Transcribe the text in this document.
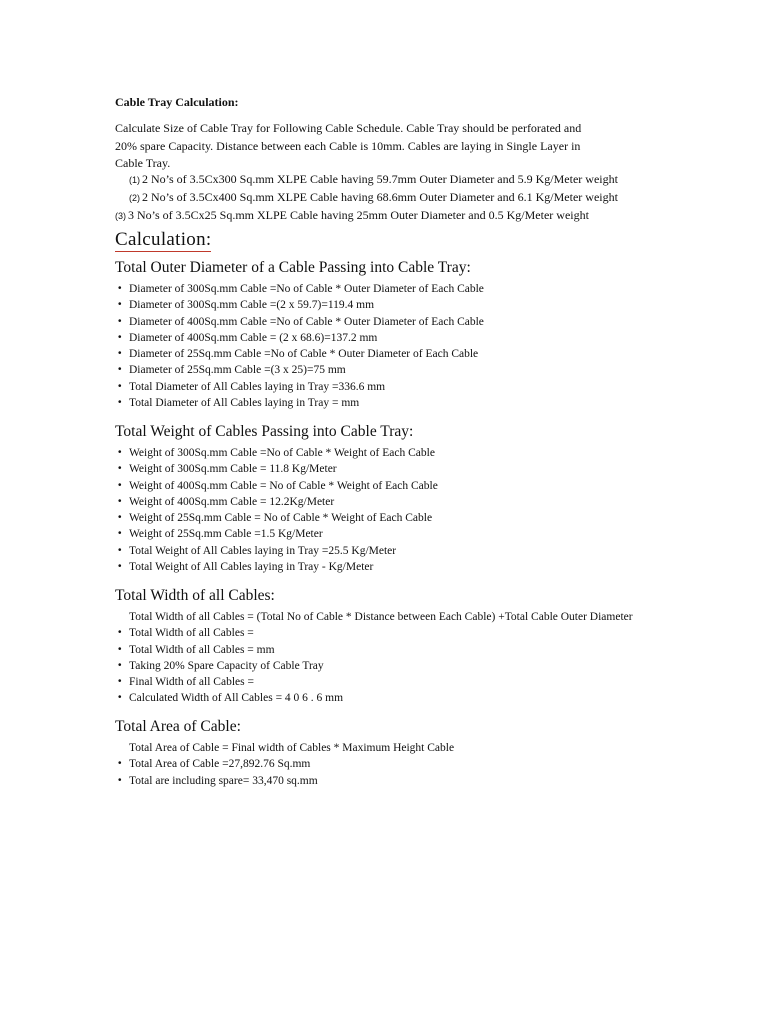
Cable Tray Calculation:
Calculate Size of Cable Tray for Following Cable Schedule. Cable Tray should be perforated and
20% spare Capacity. Distance between each Cable is 10mm. Cables are laying in Single Layer in
Cable Tray.
(1) 2 No’s of 3.5Cx300 Sq.mm XLPE Cable having 59.7mm Outer Diameter and 5.9 Kg/Meter weight
(2) 2 No’s of 3.5Cx400 Sq.mm XLPE Cable having 68.6mm Outer Diameter and 6.1 Kg/Meter weight
(3) 3 No’s of 3.5Cx25 Sq.mm XLPE Cable having 25mm Outer Diameter and 0.5 Kg/Meter weight
Calculation:
Total Outer Diameter of a Cable Passing into Cable Tray:
• Diameter of 300Sq.mm Cable =No of Cable * Outer Diameter of Each Cable
• Diameter of 300Sq.mm Cable =(2 x 59.7)=119.4 mm
• Diameter of 400Sq.mm Cable =No of Cable * Outer Diameter of Each Cable
• Diameter of 400Sq.mm Cable = (2 x 68.6)=137.2 mm
• Diameter of 25Sq.mm Cable =No of Cable * Outer Diameter of Each Cable
• Diameter of 25Sq.mm Cable =(3 x 25)=75 mm
• Total Diameter of All Cables laying in Tray =336.6 mm
• Total Diameter of All Cables laying in Tray = mm
Total Weight of Cables Passing into Cable Tray:
• Weight of 300Sq.mm Cable =No of Cable * Weight of Each Cable
• Weight of 300Sq.mm Cable = 11.8 Kg/Meter
• Weight of 400Sq.mm Cable = No of Cable * Weight of Each Cable
• Weight of 400Sq.mm Cable = 12.2Kg/Meter
• Weight of 25Sq.mm Cable = No of Cable * Weight of Each Cable
• Weight of 25Sq.mm Cable =1.5 Kg/Meter
• Total Weight of All Cables laying in Tray =25.5 Kg/Meter
• Total Weight of All Cables laying in Tray - Kg/Meter
Total Width of all Cables:
Total Width of all Cables = (Total No of Cable * Distance between Each Cable) +Total Cable Outer Diameter
• Total Width of all Cables =
• Total Width of all Cables = mm
• Taking 20% Spare Capacity of Cable Tray
• Final Width of all Cables =
• Calculated Width of All Cables = 4 0 6 . 6 mm
Total Area of Cable:
Total Area of Cable = Final width of Cables * Maximum Height Cable
• Total Area of Cable =27,892.76 Sq.mm
• Total are including spare= 33,470 sq.mm
